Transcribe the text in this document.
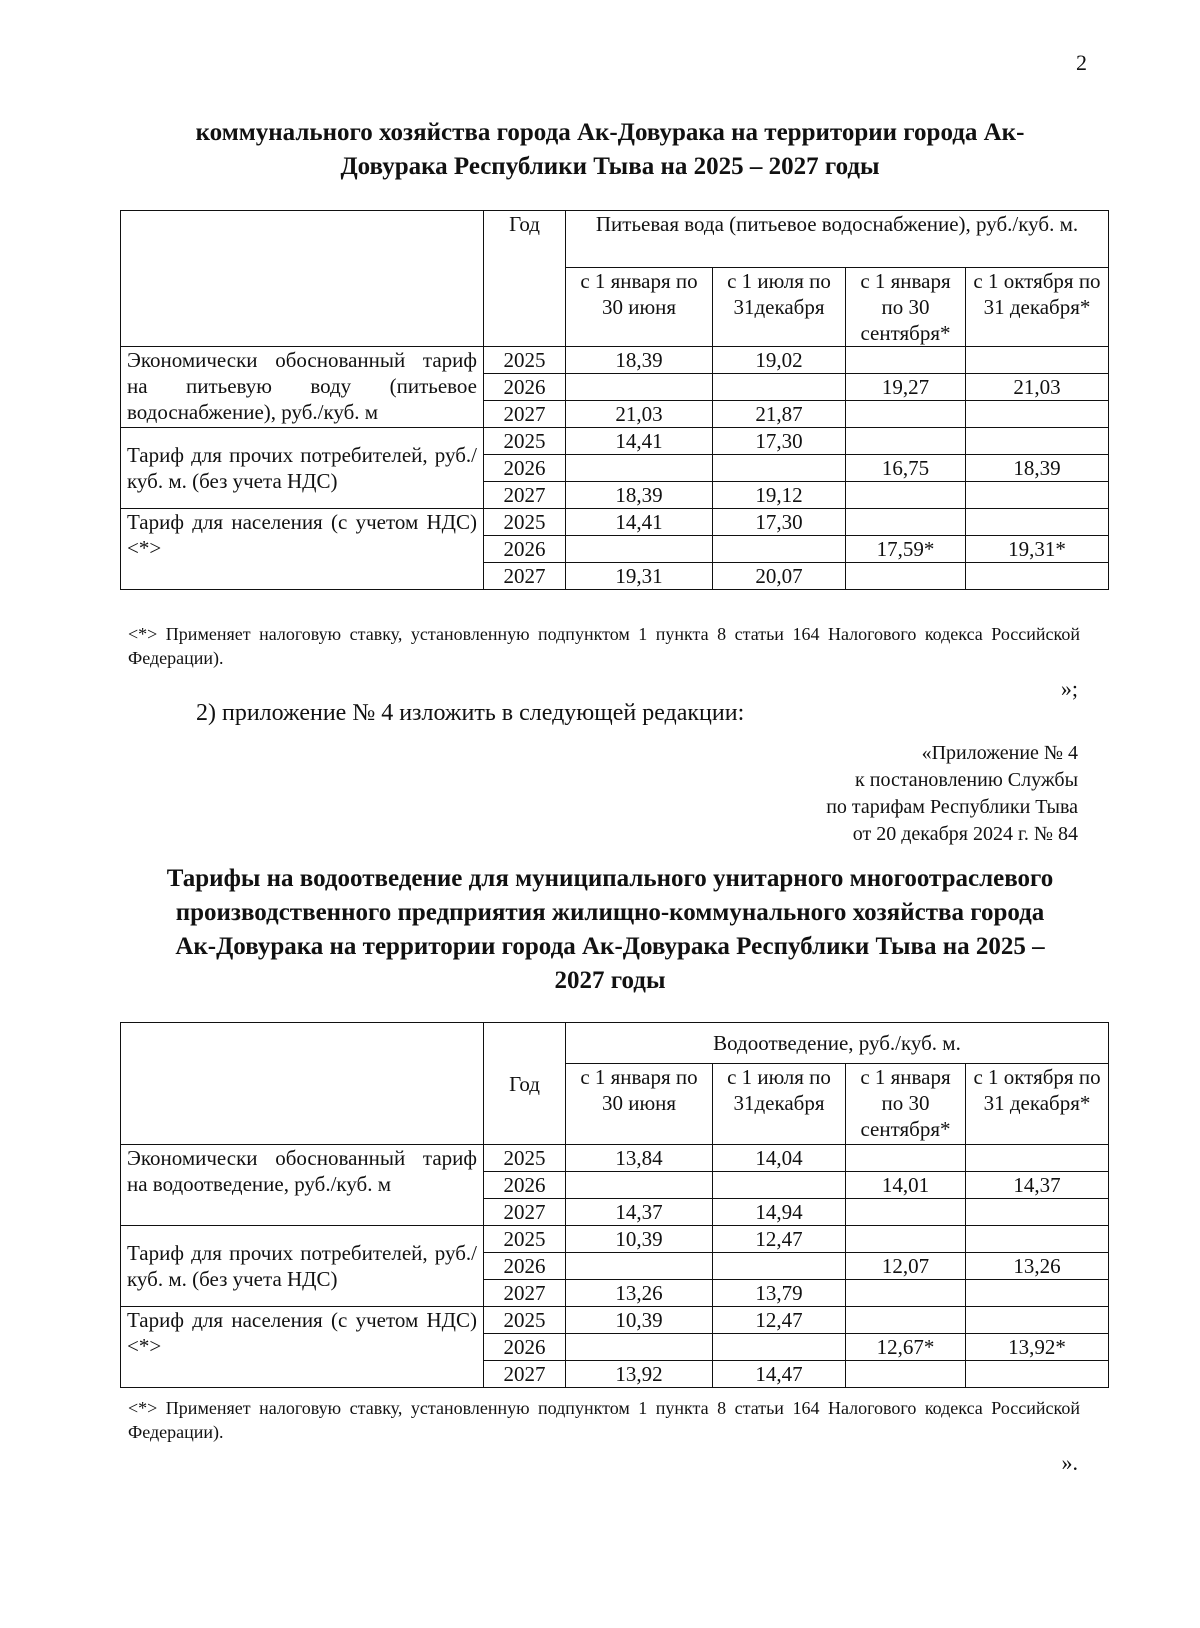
2
коммунального хозяйства города Ак-Довурака на территории города Ак-
Довурака Республики Тыва на 2025 – 2027 годы
	Год	Питьевая вода (питьевое водоснабжение), руб./куб. м.			
		с 1 января по 30 июня	с 1 июля по 31декабря	с 1 января по 30 сентября*	с 1 октября по 31 декабря*
Экономически обоснованный тариф на питьевую воду (питьевое водоснабжение), руб./куб. м	2025	18,39	19,02		
	2026			19,27	21,03
	2027	21,03	21,87		
Тариф для прочих потребителей, руб./куб. м. (без учета НДС)	2025	14,41	17,30		
	2026			16,75	18,39
	2027	18,39	19,12		
Тариф для населения (с учетом НДС) <*>	2025	14,41	17,30		
	2026			17,59*	19,31*
	2027	19,31	20,07		
<*> Применяет налоговую ставку, установленную подпунктом 1 пункта 8 статьи 164 Налогового кодекса Российской Федерации).
»;
2) приложение № 4 изложить в следующей редакции:
«Приложение № 4
к постановлению Службы
по тарифам Республики Тыва
от 20 декабря 2024 г. № 84
Тарифы на водоотведение для муниципального унитарного многоотраслевого
производственного предприятия жилищно-коммунального хозяйства города
Ак-Довурака на территории города Ак-Довурака Республики Тыва на 2025 –
2027 годы
	Год	Водоотведение, руб./куб. м.			
		с 1 января по 30 июня	с 1 июля по 31декабря	с 1 января по 30 сентября*	с 1 октября по 31 декабря*
Экономически обоснованный тариф на водоотведение, руб./куб. м	2025	13,84	14,04		
	2026			14,01	14,37
	2027	14,37	14,94		
Тариф для прочих потребителей, руб./куб. м. (без учета НДС)	2025	10,39	12,47		
	2026			12,07	13,26
	2027	13,26	13,79		
Тариф для населения (с учетом НДС) <*>	2025	10,39	12,47		
	2026			12,67*	13,92*
	2027	13,92	14,47		
<*> Применяет налоговую ставку, установленную подпунктом 1 пункта 8 статьи 164 Налогового кодекса Российской Федерации).
».
